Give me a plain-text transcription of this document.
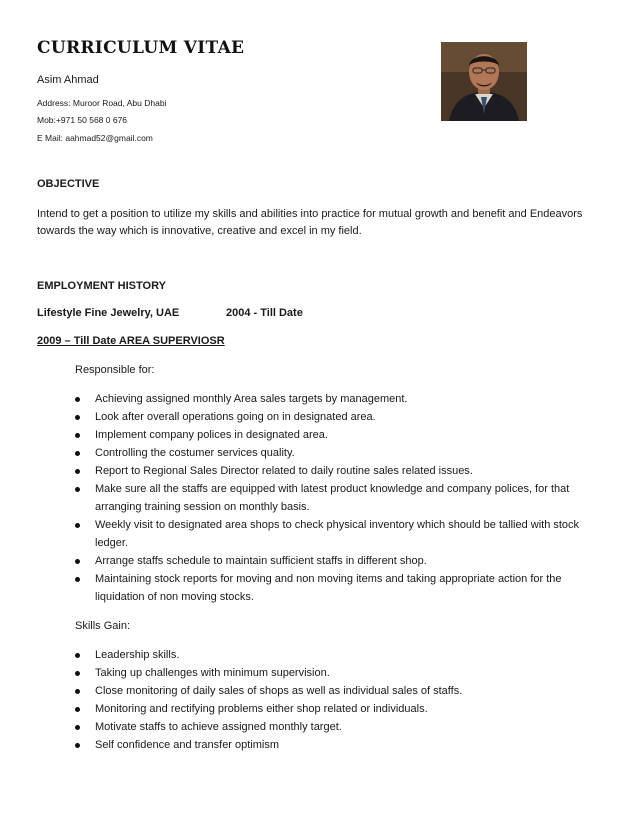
CURRICULUM VITAE
Asim Ahmad
Address: Muroor Road, Abu Dhabi
Mob:+971 50 568 0 676
E Mail: aahmad52@gmail.com
OBJECTIVE
Intend to get a position to utilize my skills and abilities into practice for mutual growth and benefit and Endeavors towards the way which is innovative, creative and excel in my field.
EMPLOYMENT HISTORY
Lifestyle Fine Jewelry, UAE	2004 - Till Date
2009 – Till Date AREA SUPERVIOSR
Responsible for:
Achieving assigned monthly Area sales targets by management.
Look after overall operations going on in designated area.
Implement company polices in designated area.
Controlling the costumer services quality.
Report to Regional Sales Director related to daily routine sales related issues.
Make sure all the staffs are equipped with latest product knowledge and company polices, for that arranging training session on monthly basis.
Weekly visit to designated area shops to check physical inventory which should be tallied with stock ledger.
Arrange staffs schedule to maintain sufficient staffs in different shop.
Maintaining stock reports for moving and non moving items and taking appropriate action for the liquidation of non moving stocks.
Skills Gain:
Leadership skills.
Taking up challenges with minimum supervision.
Close monitoring of daily sales of shops as well as individual sales of staffs.
Monitoring and rectifying problems either shop related or individuals.
Motivate staffs to achieve assigned monthly target.
Self confidence and transfer optimism
